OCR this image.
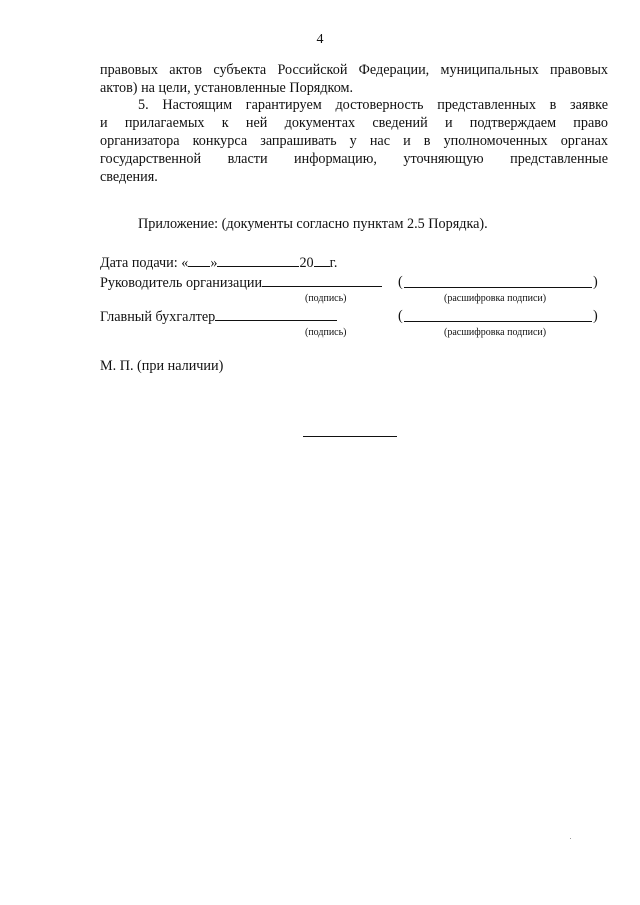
4

правовых актов субъекта Российской Федерации, муниципальных правовых
актов) на цели, установленные Порядком.

5. Настоящим гарантируем достоверность представленных в заявке
и прилагаемых к ней документах сведений и подтверждаем право
организатора конкурса запрашивать у нас и в уполномоченных органах
государственной власти информацию, уточняющую представленные
сведения.

Приложение: (документы согласно пунктам 2.5 Порядка).
Дата подачи: « »	20 г.
Руководитель организации	(	)
(подпись)	(расшифровка подписи)
Главный бухгалтер	(	)
(подпись)	(расшифровка подписи)
М. П. (при наличии)
